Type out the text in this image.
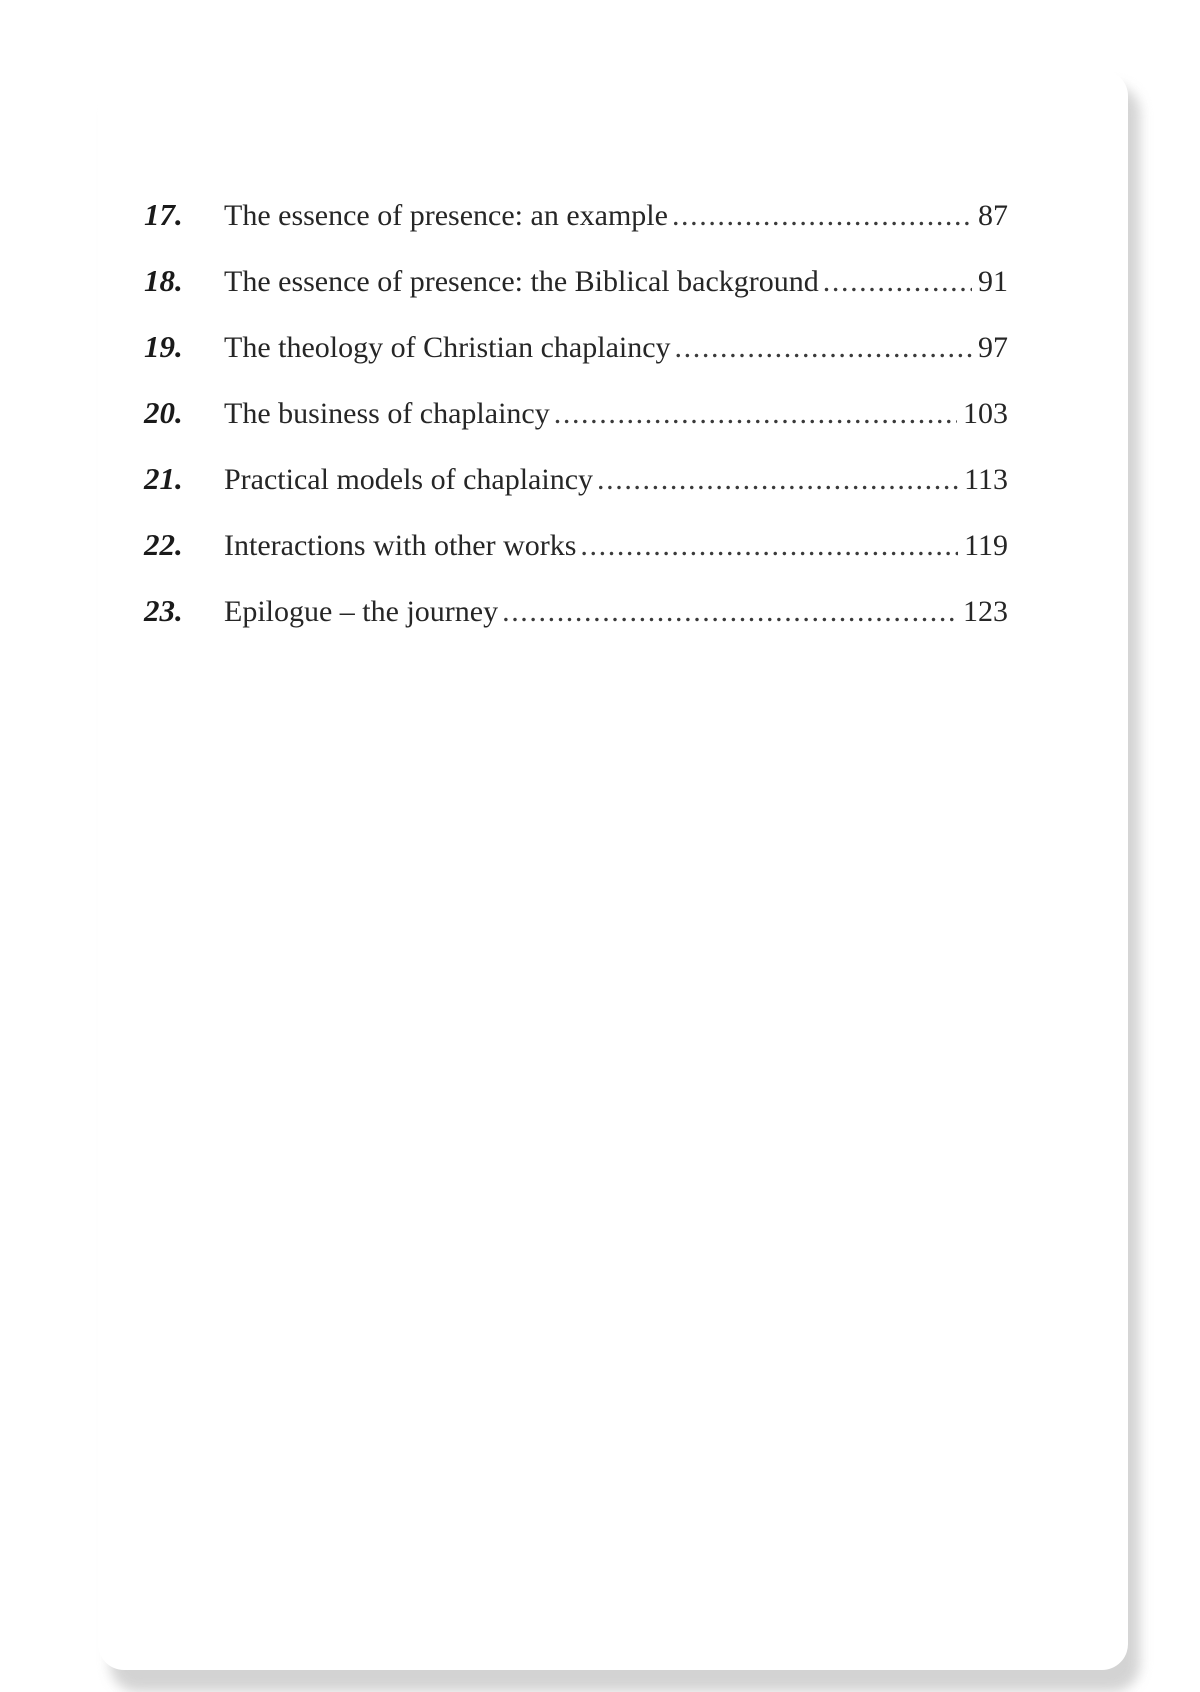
17.	The essence of presence: an example .....	87
18.	The essence of presence: the Biblical background .....	91
19.	The theology of Christian chaplaincy .....	97
20.	The business of chaplaincy .....	103
21.	Practical models of chaplaincy .....	113
22.	Interactions with other works .....	119
23.	Epilogue – the journey .....	123
